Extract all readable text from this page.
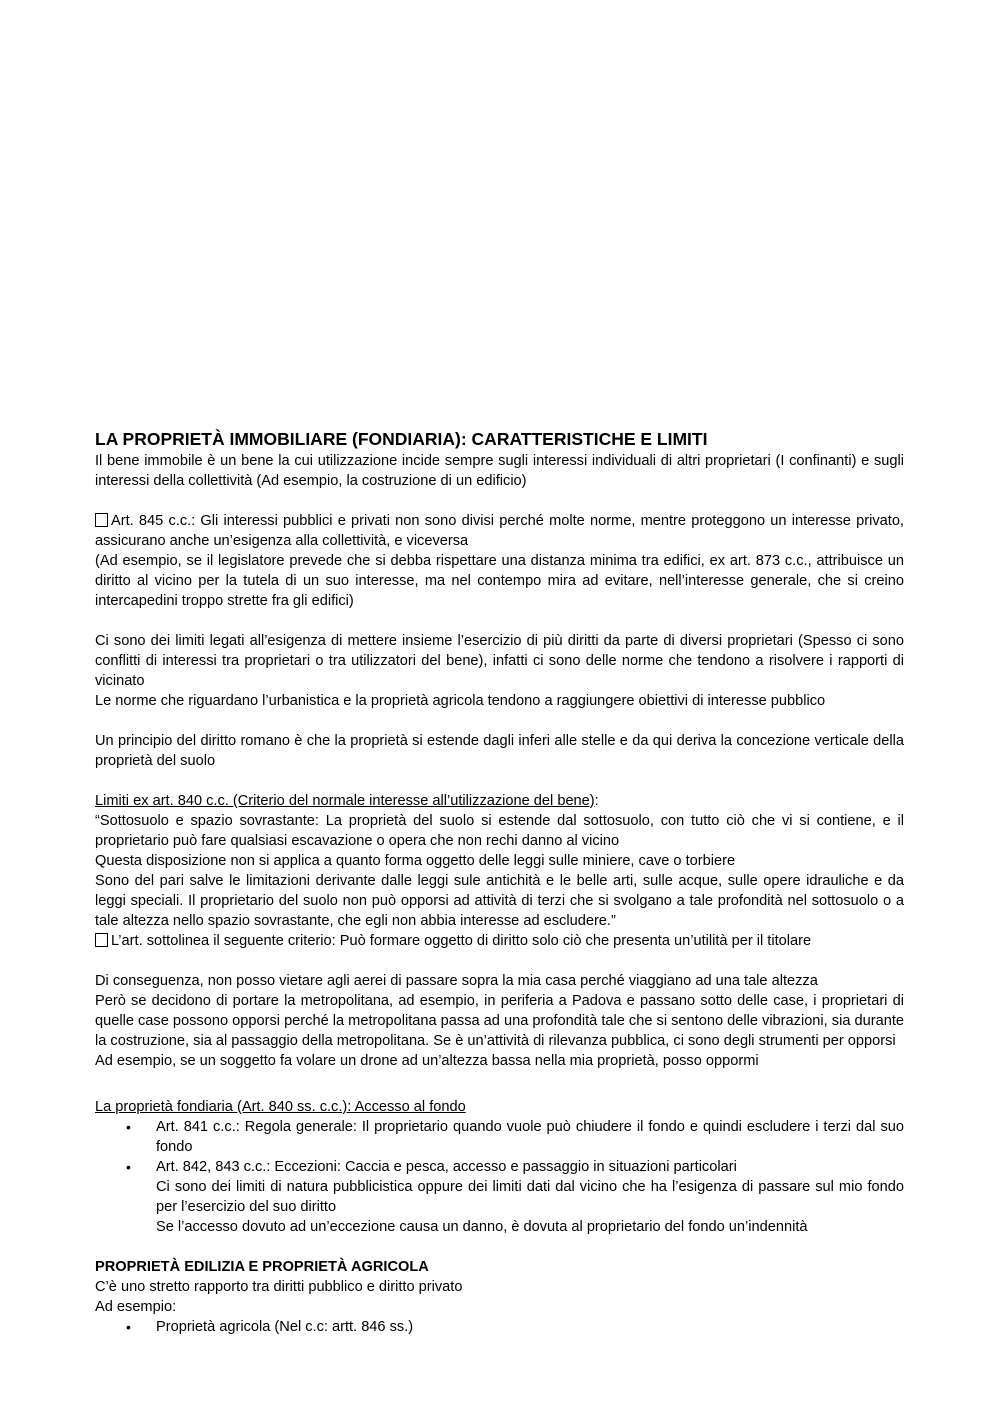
LA PROPRIETÀ IMMOBILIARE (FONDIARIA): CARATTERISTICHE E LIMITI

Il bene immobile è un bene la cui utilizzazione incide sempre sugli interessi individuali di altri proprietari (I confinanti) e sugli interessi della collettività (Ad esempio, la costruzione di un edificio)

Art. 845 c.c.: Gli interessi pubblici e privati non sono divisi perché molte norme, mentre proteggono un interesse privato, assicurano anche un’esigenza alla collettività, e viceversa

(Ad esempio, se il legislatore prevede che si debba rispettare una distanza minima tra edifici, ex art. 873 c.c., attribuisce un diritto al vicino per la tutela di un suo interesse, ma nel contempo mira ad evitare, nell’interesse generale, che si creino intercapedini troppo strette fra gli edifici)

Ci sono dei limiti legati all’esigenza di mettere insieme l’esercizio di più diritti da parte di diversi proprietari (Spesso ci sono conflitti di interessi tra proprietari o tra utilizzatori del bene), infatti ci sono delle norme che tendono a risolvere i rapporti di vicinato

Le norme che riguardano l’urbanistica e la proprietà agricola tendono a raggiungere obiettivi di interesse pubblico

Un principio del diritto romano è che la proprietà si estende dagli inferi alle stelle e da qui deriva la concezione verticale della proprietà del suolo

Limiti ex art. 840 c.c. (Criterio del normale interesse all’utilizzazione del bene):

“Sottosuolo e spazio sovrastante: La proprietà del suolo si estende dal sottosuolo, con tutto ciò che vi si contiene, e il proprietario può fare qualsiasi escavazione o opera che non rechi danno al vicino

Questa disposizione non si applica a quanto forma oggetto delle leggi sulle miniere, cave o torbiere

Sono del pari salve le limitazioni derivante dalle leggi sule antichità e le belle arti, sulle acque, sulle opere idrauliche e da leggi speciali. Il proprietario del suolo non può opporsi ad attività di terzi che si svolgano a tale profondità nel sottosuolo o a tale altezza nello spazio sovrastante, che egli non abbia interesse ad escludere.”

L’art. sottolinea il seguente criterio: Può formare oggetto di diritto solo ciò che presenta un’utilità per il titolare

Di conseguenza, non posso vietare agli aerei di passare sopra la mia casa perché viaggiano ad una tale altezza

Però se decidono di portare la metropolitana, ad esempio, in periferia a Padova e passano sotto delle case, i proprietari di quelle case possono opporsi perché la metropolitana passa ad una profondità tale che si sentono delle vibrazioni, sia durante la costruzione, sia al passaggio della metropolitana. Se è un’attività di rilevanza pubblica, ci sono degli strumenti per opporsi

Ad esempio, se un soggetto fa volare un drone ad un’altezza bassa nella mia proprietà, posso oppormi

La proprietà fondiaria (Art. 840 ss. c.c.): Accesso al fondo

• Art. 841 c.c.: Regola generale: Il proprietario quando vuole può chiudere il fondo e quindi escludere i terzi dal suo fondo
• Art. 842, 843 c.c.: Eccezioni: Caccia e pesca, accesso e passaggio in situazioni particolari

Ci sono dei limiti di natura pubblicistica oppure dei limiti dati dal vicino che ha l’esigenza di passare sul mio fondo per l’esercizio del suo diritto

Se l’accesso dovuto ad un’eccezione causa un danno, è dovuta al proprietario del fondo un’indennità

PROPRIETÀ EDILIZIA E PROPRIETÀ AGRICOLA

C’è uno stretto rapporto tra diritti pubblico e diritto privato

Ad esempio:

• Proprietà agricola (Nel c.c: artt. 846 ss.)
